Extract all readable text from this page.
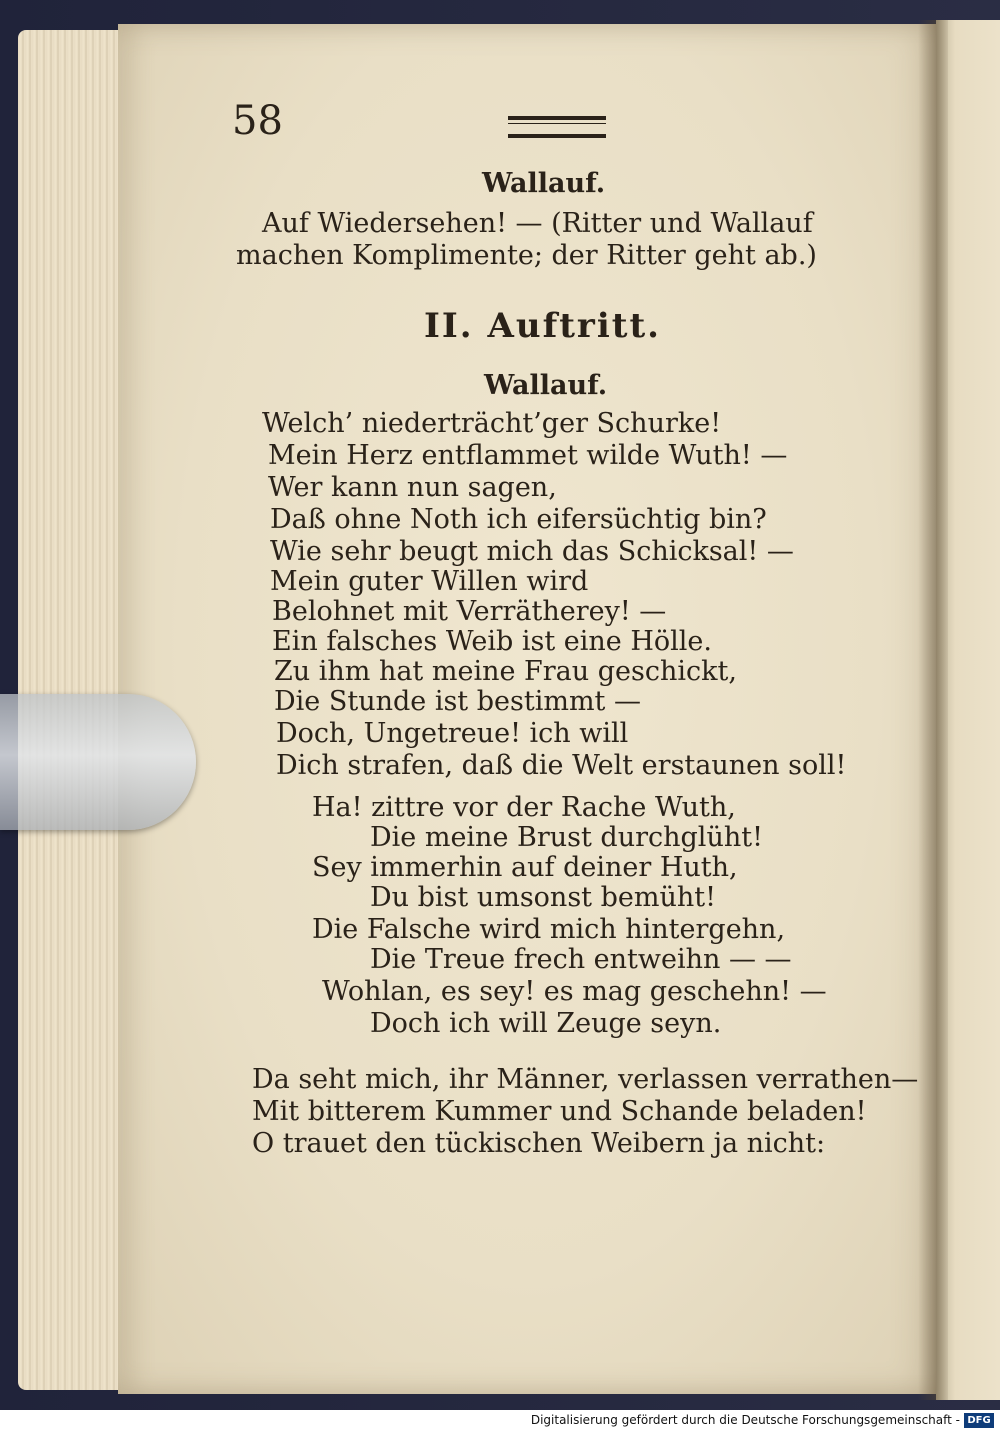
58
Wallauf.
Auf Wiedersehen! — (Ritter und Wallauf
machen Komplimente; der Ritter geht ab.)
II. Auftritt.
Wallauf.
Welch’ niederträcht’ger Schurke!
Mein Herz entflammet wilde Wuth! —
Wer kann nun sagen,
Daß ohne Noth ich eifersüchtig bin?
Wie sehr beugt mich das Schicksal! —
Mein guter Willen wird
Belohnet mit Verrätherey! —
Ein falsches Weib ist eine Hölle.
Zu ihm hat meine Frau geschickt,
Die Stunde ist bestimmt —
Doch, Ungetreue! ich will
Dich strafen, daß die Welt erstaunen soll!
Ha! zittre vor der Rache Wuth,
Die meine Brust durchglüht!
Sey immerhin auf deiner Huth,
Du bist umsonst bemüht!
Die Falsche wird mich hintergehn,
Die Treue frech entweihn — —
Wohlan, es sey! es mag geschehn! —
Doch ich will Zeuge seyn.
Da seht mich, ihr Männer, verlassen verrathen—
Mit bitterem Kummer und Schande beladen!
O trauet den tückischen Weibern ja nicht:
Digitalisierung gefördert durch die Deutsche Forschungsgemeinschaft - DFG
